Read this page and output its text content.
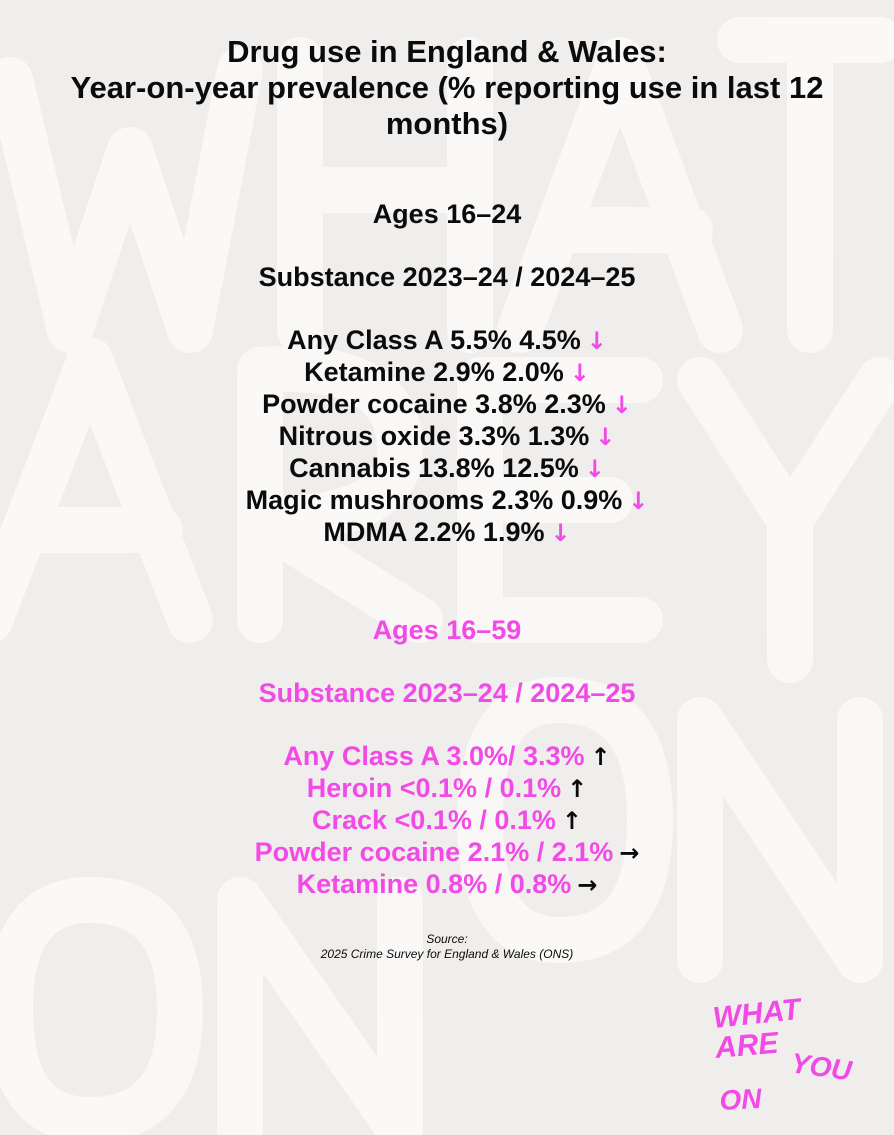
Drug use in England & Wales:
Year-on-year prevalence (% reporting use in last 12
months)
Ages 16–24
Substance 2023–24 / 2024–25
Any Class A 5.5% 4.5% ↓
Ketamine 2.9% 2.0% ↓
Powder cocaine 3.8% 2.3% ↓
Nitrous oxide 3.3% 1.3% ↓
Cannabis 13.8% 12.5% ↓
Magic mushrooms 2.3% 0.9% ↓
MDMA 2.2% 1.9% ↓
Ages 16–59
Substance 2023–24 / 2024–25
Any Class A 3.0%/ 3.3% ↑
Heroin <0.1% / 0.1% ↑
Crack <0.1% / 0.1% ↑
Powder cocaine 2.1% / 2.1% →
Ketamine 0.8% / 0.8% →
Source:
2025 Crime Survey for England & Wales (ONS)
WHAT
ARE
YOU
ON
